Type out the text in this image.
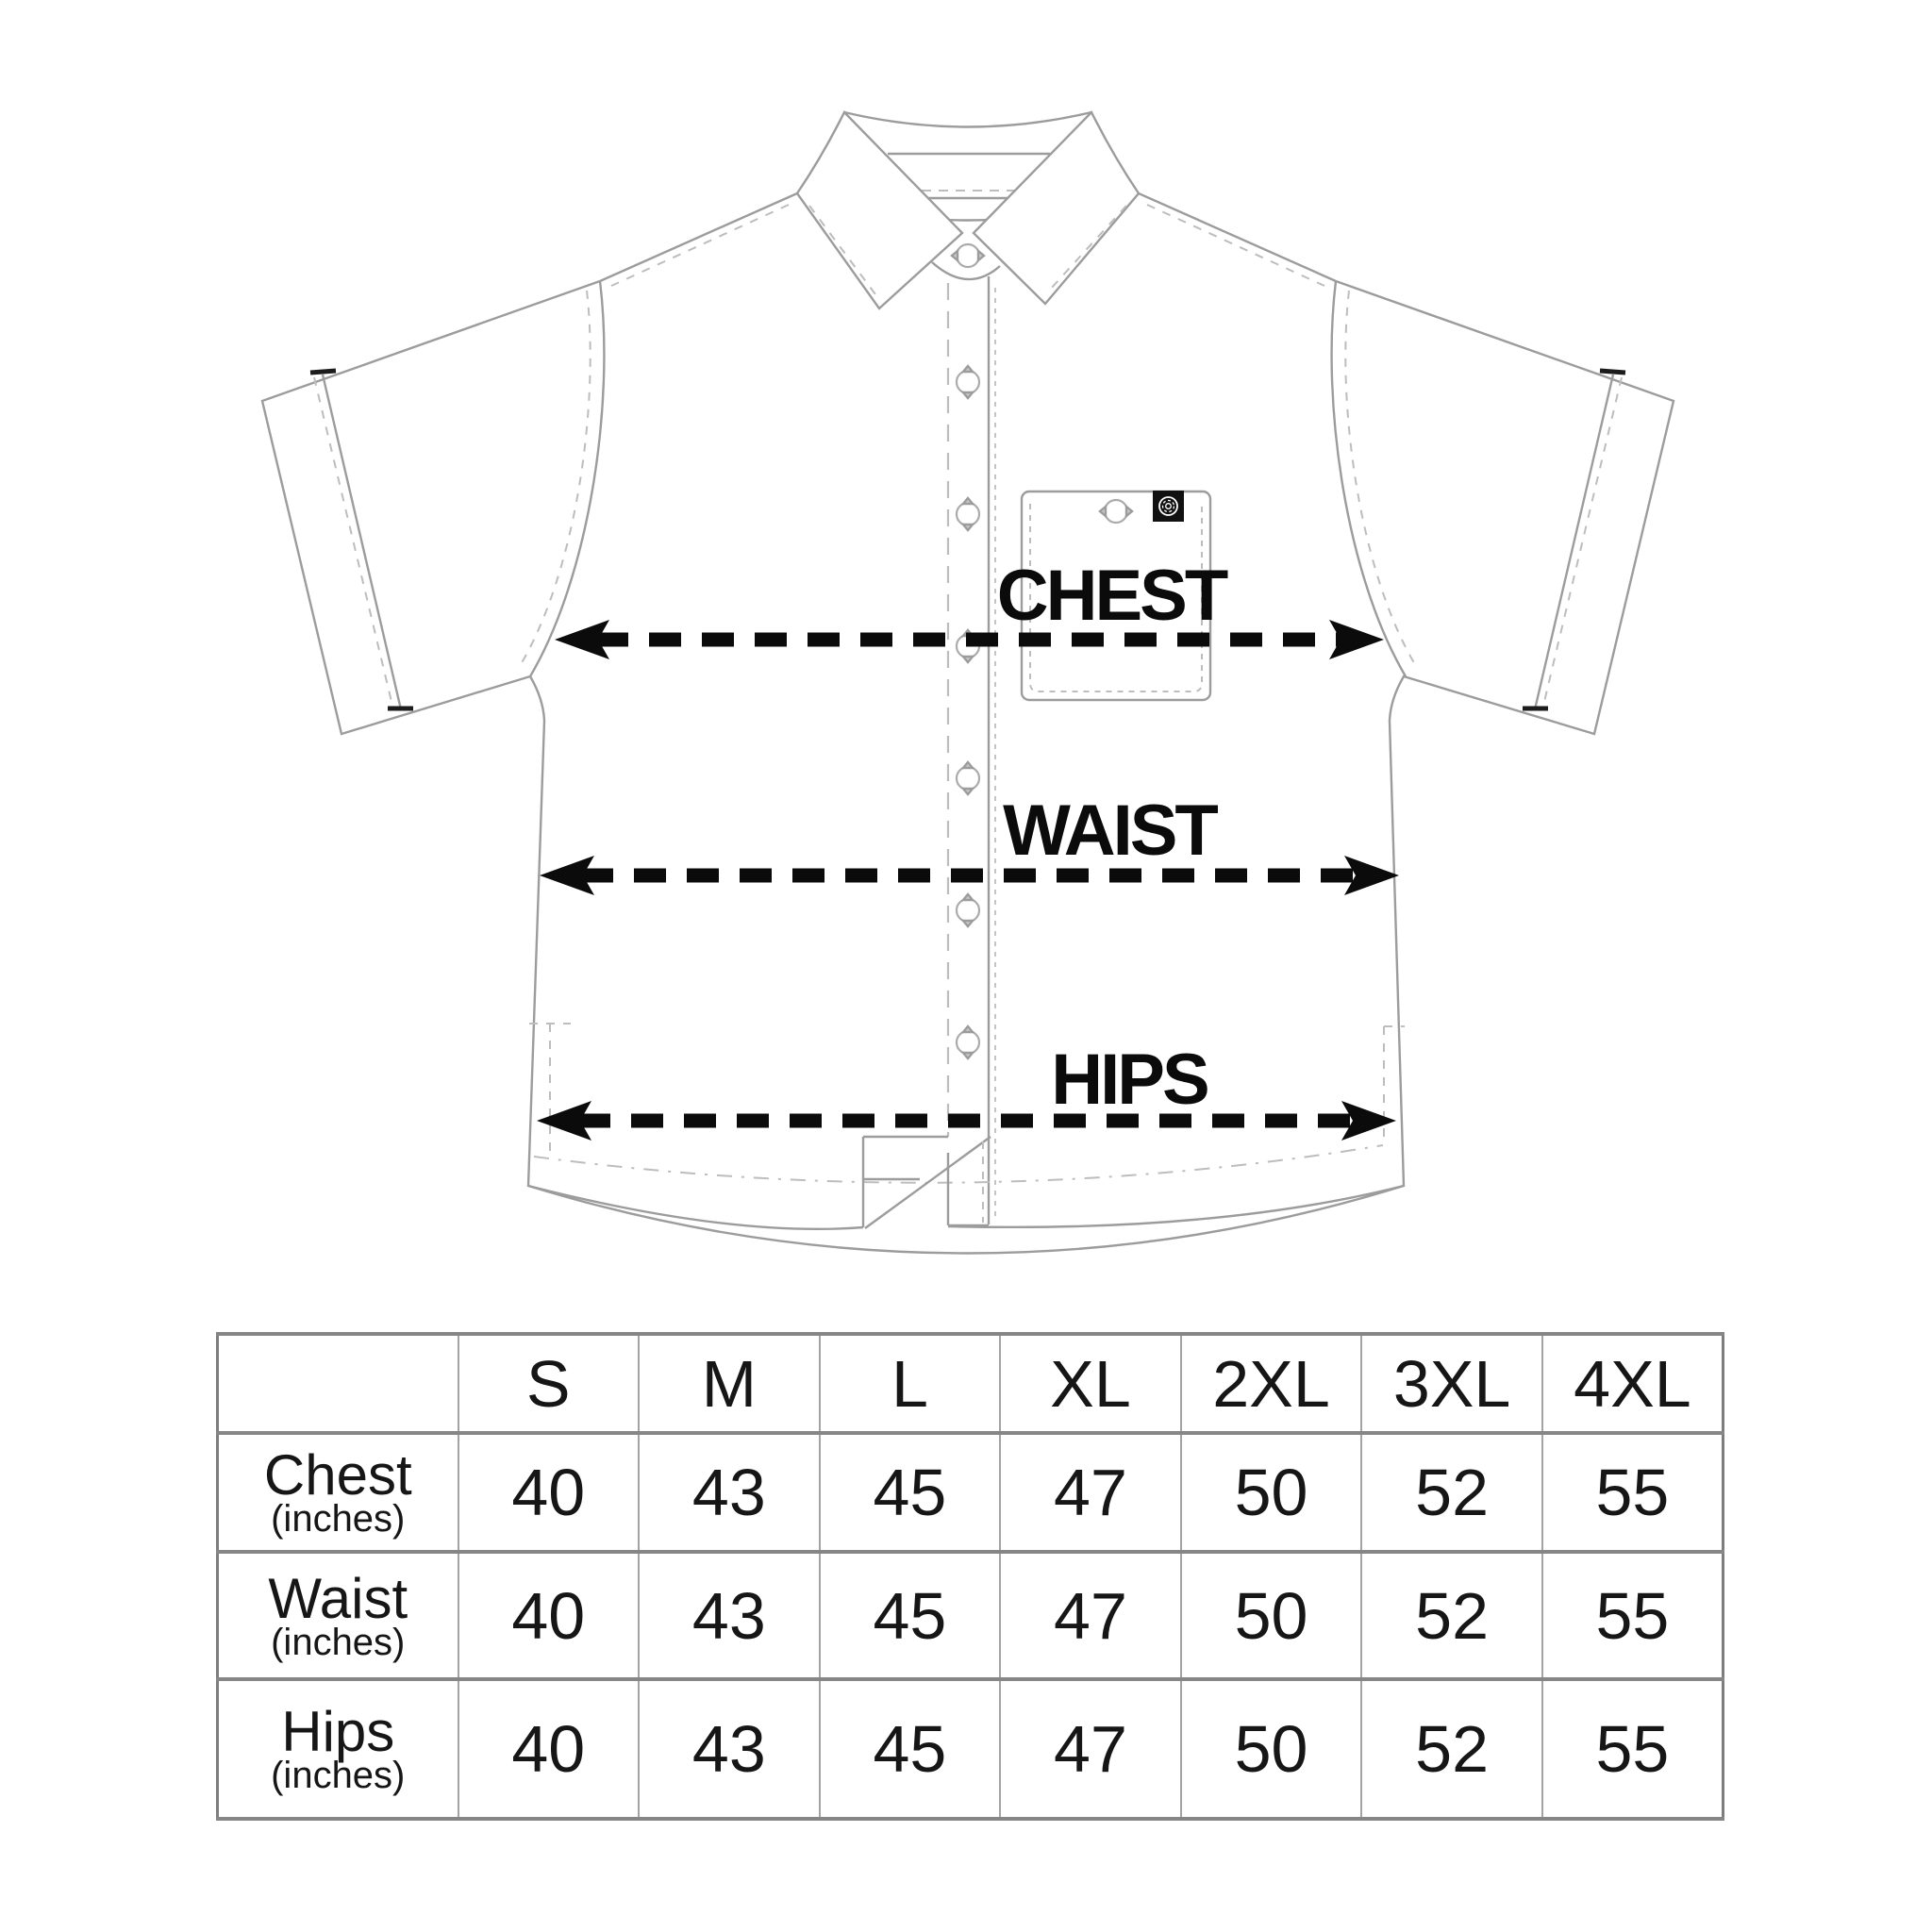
CHEST
WAIST
HIPS
	S	M	L	XL	2XL	3XL	4XL

Chest
(inches)	40	43	45	47	50	52	55

Waist
(inches)	40	43	45	47	50	52	55

Hips
(inches)	40	43	45	47	50	52	55
